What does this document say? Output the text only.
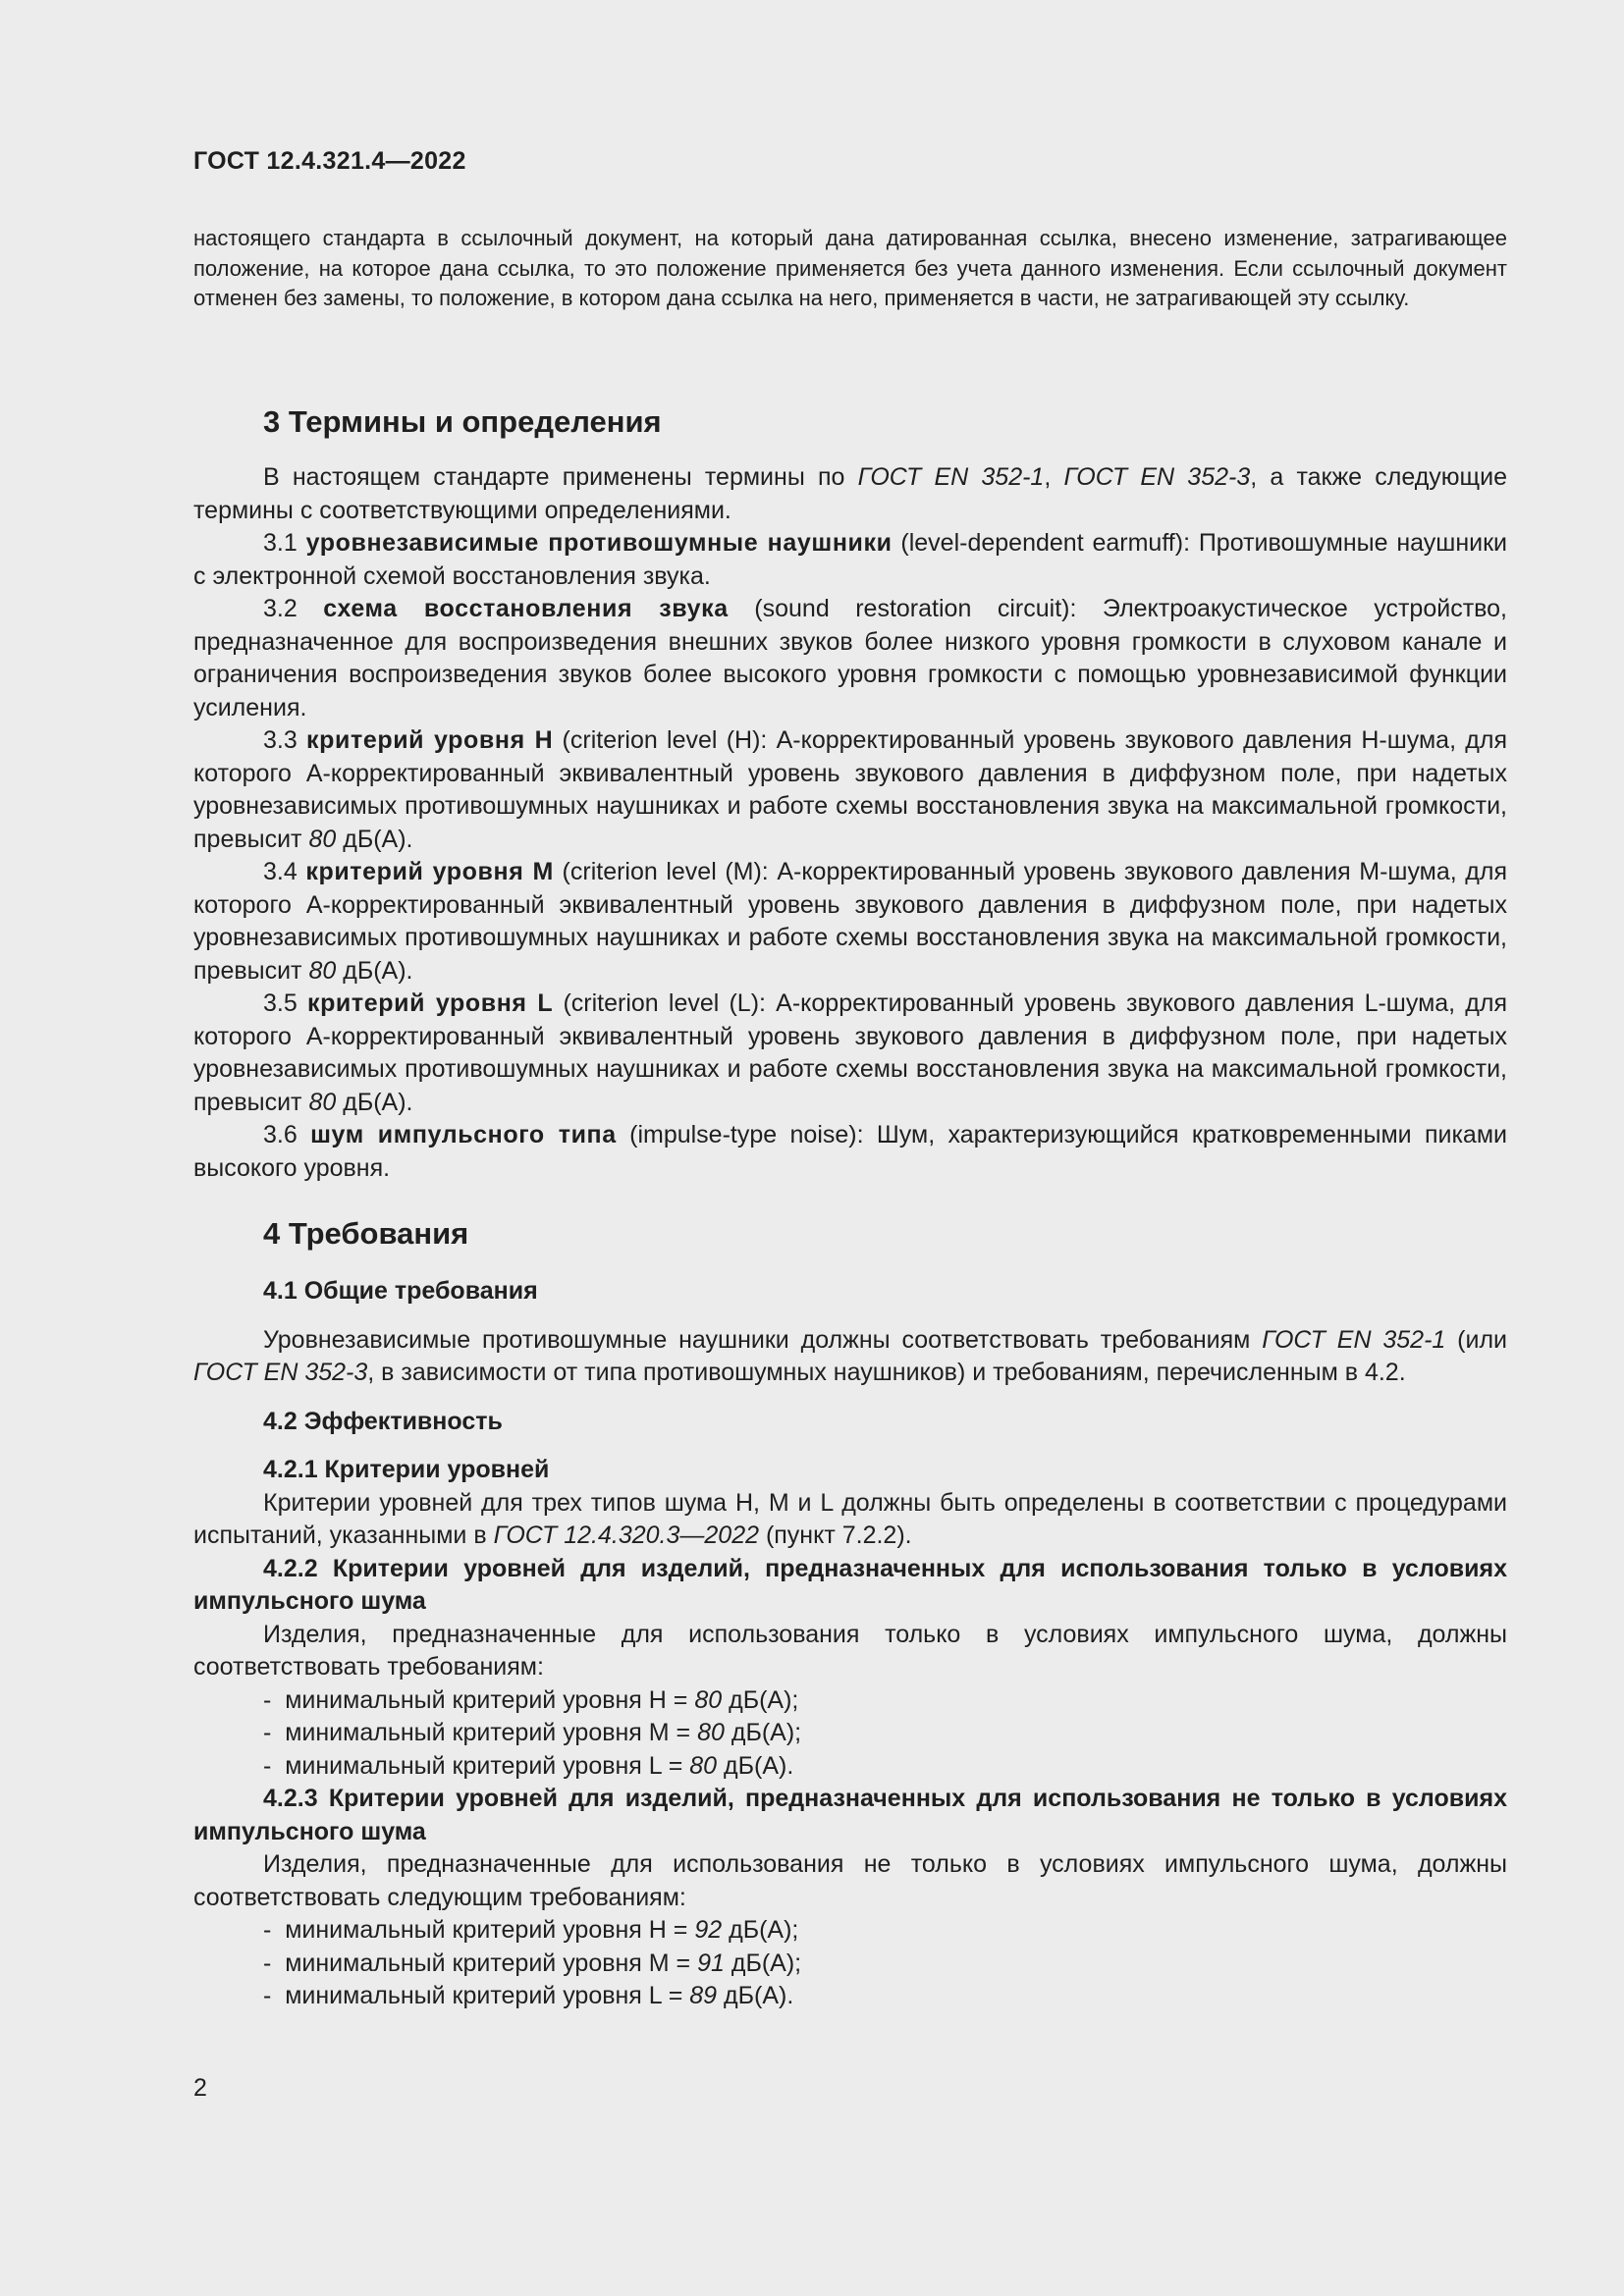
ГОСТ 12.4.321.4—2022

настоящего стандарта в ссылочный документ, на который дана датированная ссылка, внесено изменение, затрагивающее положение, на которое дана ссылка, то это положение применяется без учета данного изменения. Если ссылочный документ отменен без замены, то положение, в котором дана ссылка на него, применяется в части, не затрагивающей эту ссылку.

3 Термины и определения

В настоящем стандарте применены термины по ГОСТ EN 352-1, ГОСТ EN 352-3, а также следующие термины с соответствующими определениями.

3.1 уровнезависимые противошумные наушники (level-dependent earmuff): Противошумные наушники с электронной схемой восстановления звука.

3.2 схема восстановления звука (sound restoration circuit): Электроакустическое устройство, предназначенное для воспроизведения внешних звуков более низкого уровня громкости в слуховом канале и ограничения воспроизведения звуков более высокого уровня громкости с помощью уровнезависимой функции усиления.

3.3 критерий уровня H (criterion level (H): А-корректированный уровень звукового давления H-шума, для которого А-корректированный эквивалентный уровень звукового давления в диффузном поле, при надетых уровнезависимых противошумных наушниках и работе схемы восстановления звука на максимальной громкости, превысит 80 дБ(А).

3.4 критерий уровня М (criterion level (M): А-корректированный уровень звукового давления M-шума, для которого А-корректированный эквивалентный уровень звукового давления в диффузном поле, при надетых уровнезависимых противошумных наушниках и работе схемы восстановления звука на максимальной громкости, превысит 80 дБ(А).

3.5 критерий уровня L (criterion level (L): А-корректированный уровень звукового давления L-шума, для которого А-корректированный эквивалентный уровень звукового давления в диффузном поле, при надетых уровнезависимых противошумных наушниках и работе схемы восстановления звука на максимальной громкости, превысит 80 дБ(А).

3.6 шум импульсного типа (impulse-type noise): Шум, характеризующийся кратковременными пиками высокого уровня.

4 Требования
4.1 Общие требования

Уровнезависимые противошумные наушники должны соответствовать требованиям ГОСТ EN 352-1 (или ГОСТ EN 352-3, в зависимости от типа противошумных наушников) и требованиям, перечисленным в 4.2.

4.2 Эффективность
4.2.1 Критерии уровней

Критерии уровней для трех типов шума H, M и L должны быть определены в соответствии с процедурами испытаний, указанными в ГОСТ 12.4.320.3—2022 (пункт 7.2.2).

4.2.2 Критерии уровней для изделий, предназначенных для использования только в условиях импульсного шума

Изделия, предназначенные для использования только в условиях импульсного шума, должны соответствовать требованиям:

-  минимальный критерий уровня H = 80 дБ(А);
-  минимальный критерий уровня M = 80 дБ(А);
-  минимальный критерий уровня L = 80 дБ(А).

4.2.3 Критерии уровней для изделий, предназначенных для использования не только в условиях импульсного шума

Изделия, предназначенные для использования не только в условиях импульсного шума, должны соответствовать следующим требованиям:

-  минимальный критерий уровня H = 92 дБ(А);
-  минимальный критерий уровня M = 91 дБ(А);
-  минимальный критерий уровня L = 89 дБ(А).
2
